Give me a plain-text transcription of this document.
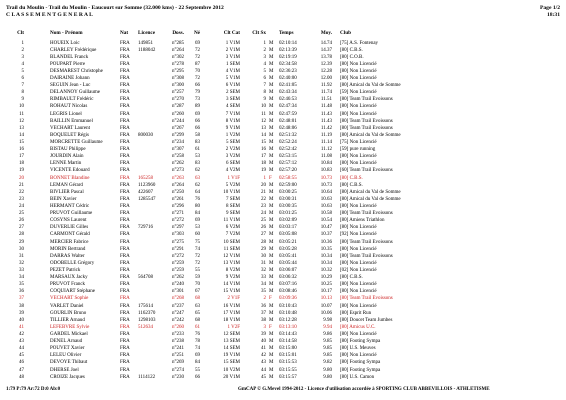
Trail du Moulin - Trail du Moulin - Eaucourt sur Somme (32.000 kms) - 22 Septembre 2012
C L A S S E M E N T G E N E R A L
Page 1/2
18:31
Clt	Nom - Prénom	Nat Licence	Doss.	Né	Clt Cat	Clt Sx	Temps	Moy. Club
1	HOUEIX Loic	FRA 149851	n°285	69	1 V1M	1 M 02:10:14	14.74 [75] A.S. Fontenay
2	CHARLEY Frédérique	FRA 1188042	n°264	72	2 V1M	2 M 02:13:39	14.37 [80] C.B.S.
3	BLANDEL Franck	FRA	n°302	72	3 V1M	3 M 02:19:19	13.78 [80] C.O.B.
4	POUPART Pierre	FRA	n°278	87	1 SEM	4 M 02:34:58	12.39 [80] Non Licencié
5	DESMAREST Christophe	FRA	n°295	70	4 V1M	5 M 02:36:23	12.28 [80] Non Licencié
6	DAIRAINE Johann	FRA	n°308	72	5 V1M	6 M 02:40:00	12.00 [80] Non Licencié
7	SEGUIN Jean - Luc	FRA	n°300	66	6 V1M	7 M 02:41:05	11.92 [80] Amical du Val de Somme
8	DELANNOY Guillaume	FRA	n°257	79	2 SEM	8 M 02:43:34	11.74 [59] Non Licencié
9	RIMBAULT Frédéric	FRA	n°270	73	3 SEM	9 M 02:46:53	11.51 [80] Team Trail Evoissons
10	ROHAUT Nicolas	FRA	n°287	89	4 SEM	10 M 02:47:34	11.48 [80] Non Licencié
11	LEGRIS Lionel	FRA	n°260	69	7 V1M	11 M 02:47:59	11.43 [80] Non Licencié
12	BAILLIN Emmanuel	FRA	n°244	66	8 V1M	12 M 02:48:01	11.43 [80] Team Trail Evoissons
13	VECHART Laurent	FRA	n°267	66	9 V1M	13 M 02:48:06	11.42 [80] Team Trail Evoissons
14	BOQUELET Régis	FRA 800030	n°299	58	1 V2M	14 M 02:51:32	11.19 [80] Amical du Val de Somme
15	MORCRETTE Guillaume	FRA	n°234	83	5 SEM	15 M 02:52:24	11.14 [75] Non Licencié
16	BISTAU Philippe	FRA	n°307	61	2 V2M	16 M 02:52:42	11.12 [59] pure running
17	JOURDIN Alain	FRA	n°258	53	3 V2M	17 M 02:53:15	11.08 [80] Non Licencié
18	LENNE Martin	FRA	n°262	83	6 SEM	18 M 02:57:12	10.84 [80] Non Licencié
19	VICENTE Edouard	FRA	n°273	62	4 V2M	19 M 02:57:20	10.83 [60] Team Trail Evoissons
20	BONNET Blandine	FRA 165258	n°263	63	1 V1F	1 F 02:58:55	10.73 [80] C.B.S.
21	LEMAN Gérard	FRA 1123960	n°264	62	5 V2M	20 M 02:59:00	10.73 [80] C.B.S.
22	BIVLIER Pascal	FRA 422607	n°250	64	10 V1M	21 M 03:00:25	10.64 [80] Amical du Val de Somme
23	BEIN Xavier	FRA 1285547	n°261	76	7 SEM	22 M 03:00:31	10.63 [80] Amical du Val de Somme
24	HERMANT Cédric	FRA	n°296	80	8 SEM	23 M 03:00:35	10.63 [80] Non Licencié
25	PRUVOT Guillaume	FRA	n°271	84	9 SEM	24 M 03:01:25	10.58 [80] Team Trail Evoissons
26	COSYNS Laurent	FRA	n°272	69	11 V1M	25 M 03:02:09	10.54 [80] Amiens Triathlon
27	DUVERLIE Gilles	FRA 729716	n°297	53	6 V2M	26 M 03:03:17	10.47 [80] Non Licencié
28	CARMONT Gérald	FRA	n°303	60	7 V2M	27 M 03:05:08	10.37 [92] Non Licencié
29	MERCIER Fabrice	FRA	n°275	75	10 SEM	28 M 03:05:21	10.36 [80] Team Trail Evoissons
30	MORIN Bertrand	FRA	n°291	74	11 SEM	29 M 03:05:28	10.35 [80] Non Licencié
31	DARRAS Walter	FRA	n°272	72	12 V1M	30 M 03:05:41	10.34 [80] Team Trail Evoissons
32	ODOBELLE Grégory	FRA	n°259	72	13 V1M	31 M 03:05:44	10.34 [80] Non Licencié
33	PEZET Patrick	FRA	n°259	55	8 V2M	32 M 03:06:07	10.32 [02] Non Licencié
34	MARSAUX Jacky	FRA 564708	n°262	59	9 V2M	33 M 03:06:32	10.29 [80] C.B.S.
35	PRUVOT Franck	FRA	n°240	70	14 V1M	34 M 03:07:16	10.25 [80] Non Licencié
36	COQUIART Stéphane	FRA	n°301	67	15 V1M	35 M 03:08:46	10.17 [80] Non Licencié
37	VECHART Sophie	FRA	n°268	68	2 V1F	2 F 03:09:36	10.13 [80] Team Trail Evoissons
38	VARLET Daniel	FRA 175614	n°237	63	16 V1M	36 M 03:10:43	10.07 [80] Non Licencié
39	GOURLIN Bruno	FRA 1162370	n°247	65	17 V1M	37 M 03:10:48	10.06 [80] Esprit Run
40	TILLIER Arnaud	FRA 1298103	n°242	68	18 V1M	38 M 03:12:28	9.98 [80] Doucet Team Jumbes
41	LEFEBVRE Sylvie	FRA 512634	n°260	61	1 V2F	3 F 03:13:10	9.94 [80] Amicus U.C.
42	GARDEL Mickael	FRA	n°233	76	12 SEM	39 M 03:14:43	9.86 [80] Non Licencié
43	DENEL Arnaud	FRA	n°238	78	13 SEM	40 M 03:14:58	9.85 [80] Footing Sympa
44	POUVET Xavier	FRA	n°241	74	14 SEM	41 M 03:15:00	9.85 [80] U.S. Meuves
45	LELEU Olivier	FRA	n°251	69	19 V1M	42 M 03:15:01	9.85 [80] Non Licencié
46	DEVOYE Thibaut	FRA	n°269	84	15 SEM	43 M 03:15:53	9.82 [80] Footing Sympa
47	DHERSE Joel	FRA	n°274	55	10 V2M	44 M 03:15:55	9.80 [80] Footing Sympa
48	CROIZE Jacques	FRA 1114122	n°230	66	20 V1M	45 M 03:15:57	9.80 [80] U.S. Camon
1:79 P:79 Ar:72 D:0 Ab:0	GmCAP © G.Mevel 1994-2012 - Licence d'utilisation accordée à SPORTING CLUB ABBEVILLOIS - ATHLETISME
